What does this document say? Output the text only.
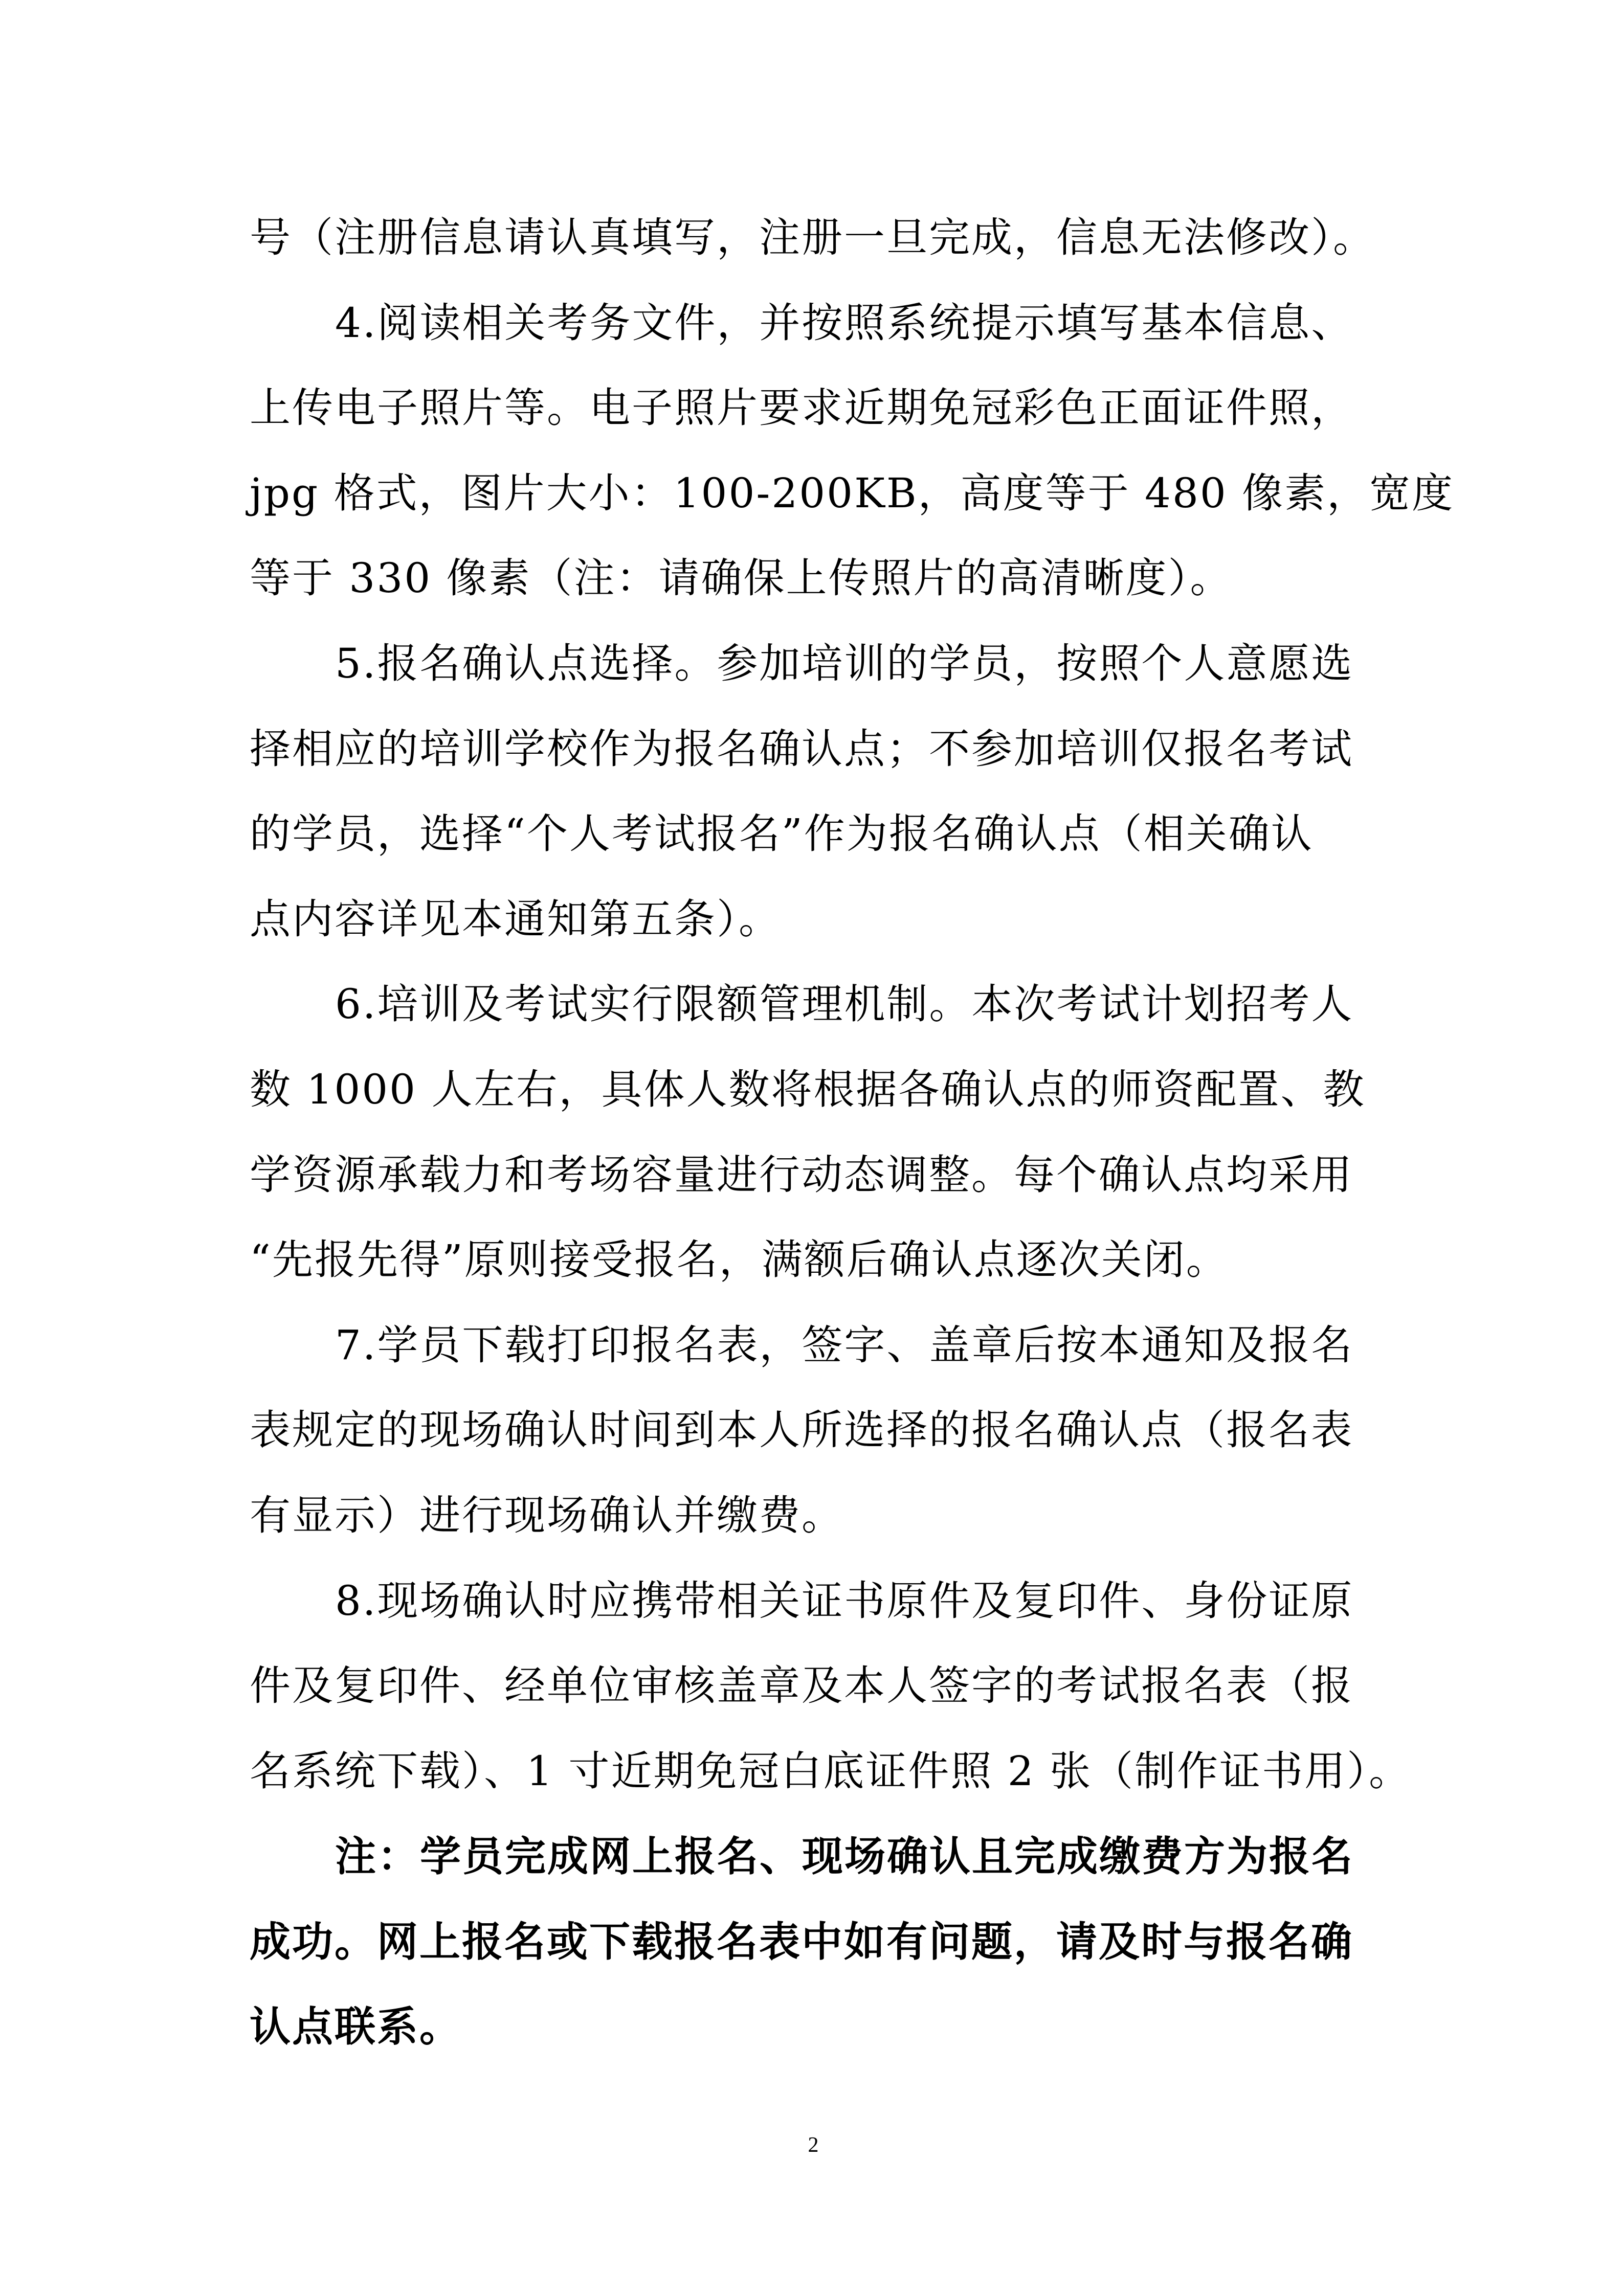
号（注册信息请认真填写，注册一旦完成，信息无法修改）。
4.阅读相关考务文件，并按照系统提示填写基本信息、
上传电子照片等。电子照片要求近期免冠彩色正面证件照，
jpg 格式，图片大小：100-200KB，高度等于 480 像素，宽度
等于 330 像素（注：请确保上传照片的高清晰度）。
5.报名确认点选择。参加培训的学员，按照个人意愿选
择相应的培训学校作为报名确认点；不参加培训仅报名考试
的学员，选择“个人考试报名”作为报名确认点（相关确认
点内容详见本通知第五条）。
6.培训及考试实行限额管理机制。本次考试计划招考人
数 1000 人左右，具体人数将根据各确认点的师资配置、教
学资源承载力和考场容量进行动态调整。每个确认点均采用
“先报先得”原则接受报名，满额后确认点逐次关闭。
7.学员下载打印报名表，签字、盖章后按本通知及报名
表规定的现场确认时间到本人所选择的报名确认点（报名表
有显示）进行现场确认并缴费。
8.现场确认时应携带相关证书原件及复印件、身份证原
件及复印件、经单位审核盖章及本人签字的考试报名表（报
名系统下载）、1 寸近期免冠白底证件照 2 张（制作证书用）。
注：学员完成网上报名、现场确认且完成缴费方为报名
成功。网上报名或下载报名表中如有问题，请及时与报名确
认点联系。
2
